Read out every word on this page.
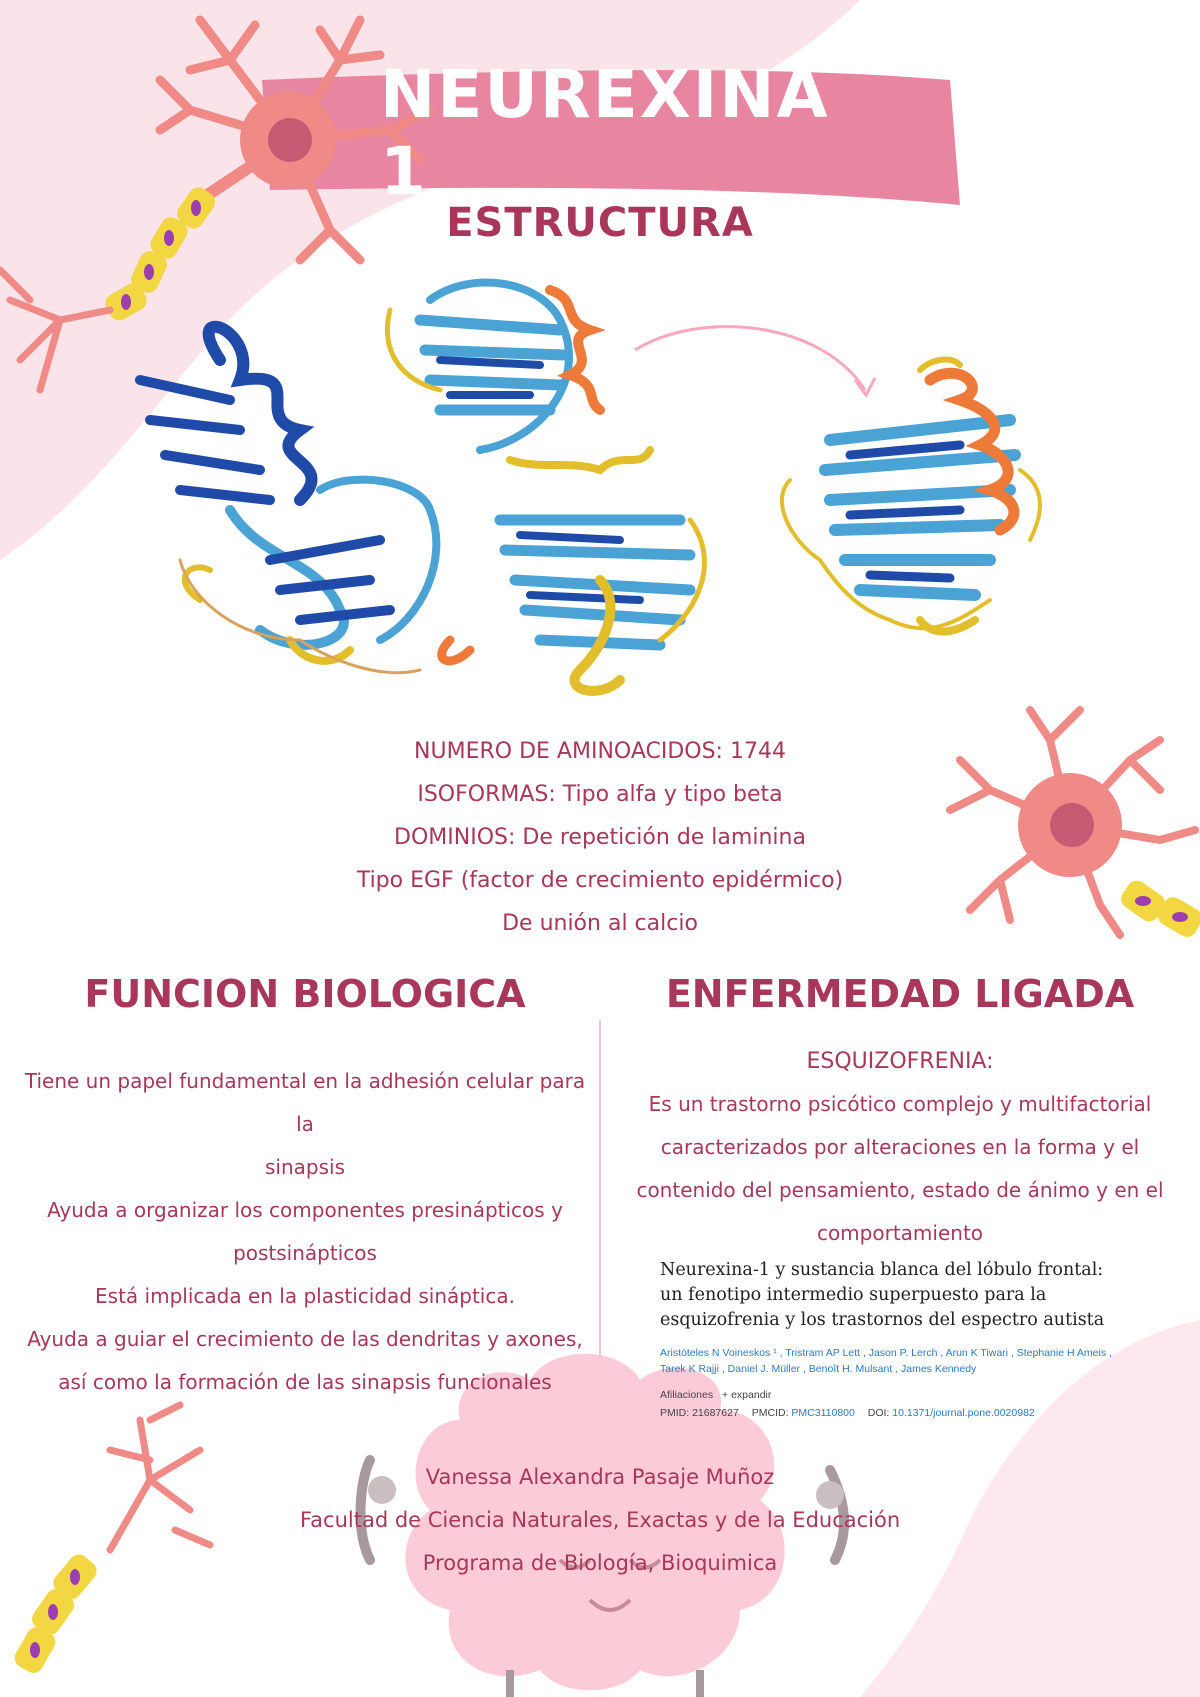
NEUREXINA 1
ESTRUCTURA
NUMERO DE AMINOACIDOS: 1744
ISOFORMAS: Tipo alfa y tipo beta
DOMINIOS: De repetición de laminina
Tipo EGF (factor de crecimiento epidérmico)
De unión al calcio
FUNCION BIOLOGICA
Tiene un papel fundamental en la adhesión celular para la
sinapsis
Ayuda a organizar los componentes presinápticos y
postsinápticos
Está implicada en la plasticidad sináptica.
Ayuda a guiar el crecimiento de las dendritas y axones,
así como la formación de las sinapsis funcionales
ENFERMEDAD LIGADA
ESQUIZOFRENIA:
Es un trastorno psicótico complejo y multifactorial
caracterizados por alteraciones en la forma y el
contenido del pensamiento, estado de ánimo y en el
comportamiento
Neurexina-1 y sustancia blanca del lóbulo frontal: un fenotipo intermedio superpuesto para la esquizofrenia y los trastornos del espectro autista
Aristóteles N Voineskos ¹ , Tristram AP Lett , Jason P. Lerch , Arun K Tiwari , Stephanie H Ameis ,
Tarek K Rajji , Daniel J. Müller , Benoît H. Mulsant , James Kennedy
Afiliaciones + expandir
PMID: 21687627 PMCID: PMC3110800 DOI: 10.1371/journal.pone.0020982
Vanessa Alexandra Pasaje Muñoz
Facultad de Ciencia Naturales, Exactas y de la Educación
Programa de Biología, Bioquimica
